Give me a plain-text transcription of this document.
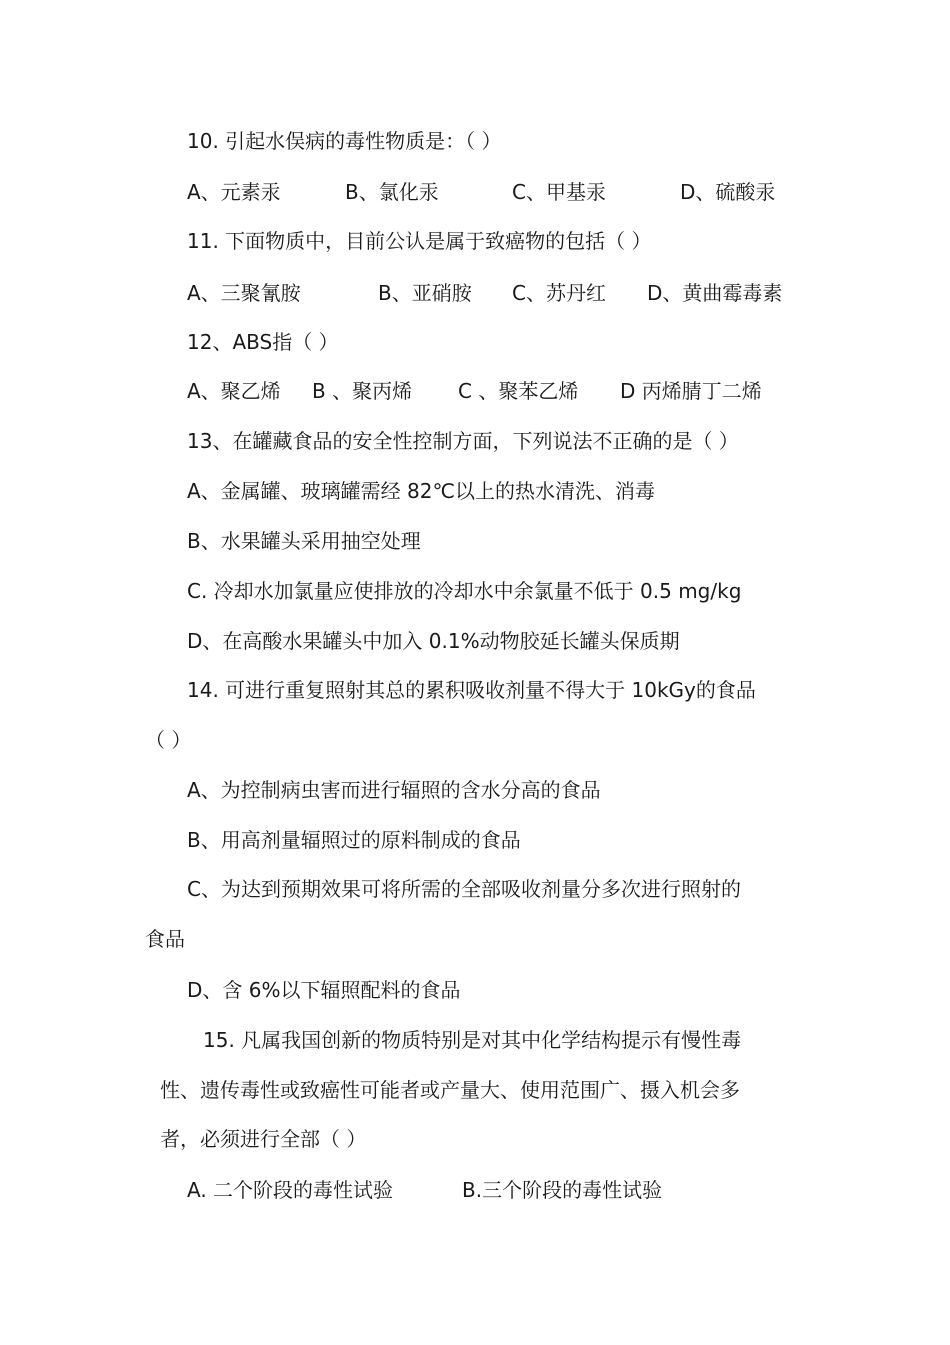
10. 引起水俣病的毒性物质是：（ ）
A、元素汞	B、氯化汞	C、甲基汞	D、硫酸汞
11. 下面物质中，目前公认是属于致癌物的包括（ ）
A、三聚氰胺	B、亚硝胺 C、苏丹红 D、黄曲霉毒素
12、ABS指（ ）
A、聚乙烯 B 、聚丙烯 C 、聚苯乙烯 D 丙烯腈丁二烯
13、在罐藏食品的安全性控制方面，下列说法不正确的是（ ）
A、金属罐、玻璃罐需经 82℃以上的热水清洗、消毒
B、水果罐头采用抽空处理
C. 冷却水加氯量应使排放的冷却水中余氯量不低于 0.5 mg/kg
D、在高酸水果罐头中加入 0.1%动物胶延长罐头保质期
14. 可进行重复照射其总的累积吸收剂量不得大于 10kGy的食品
（ ）
A、为控制病虫害而进行辐照的含水分高的食品
B、用高剂量辐照过的原料制成的食品
C、为达到预期效果可将所需的全部吸收剂量分多次进行照射的
食品
D、含 6%以下辐照配料的食品
15. 凡属我国创新的物质特别是对其中化学结构提示有慢性毒
性、遗传毒性或致癌性可能者或产量大、使用范围广、摄入机会多
者，必须进行全部（ ）
A. 二个阶段的毒性试验	B.三个阶段的毒性试验
